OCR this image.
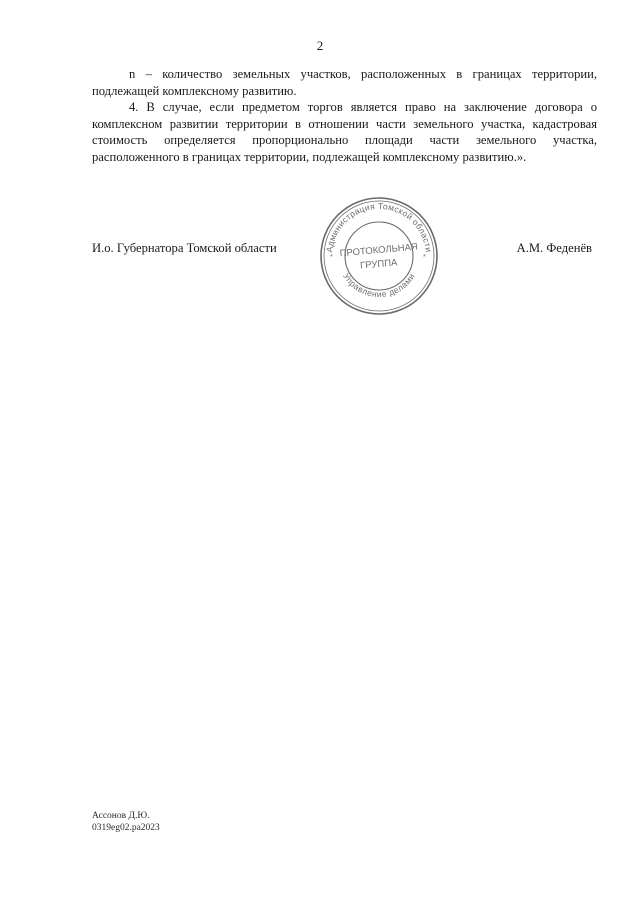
2

n – количество земельных участков, расположенных в границах территории, подлежащей комплексному развитию.

4. В случае, если предметом торгов является право на заключение договора о комплексном развитии территории в отношении части земельного участка, кадастровая стоимость определяется пропорционально площади части земельного участка, расположенного в границах территории, подлежащей комплексному развитию.».

И.о. Губернатора Томской области	А.М. Феденёв
Администрация Томской области
Управление делами
*	*
ПРОТОКОЛЬНАЯ
ГРУППА
Ассонов Д.Ю.
0319eg02.pa2023
